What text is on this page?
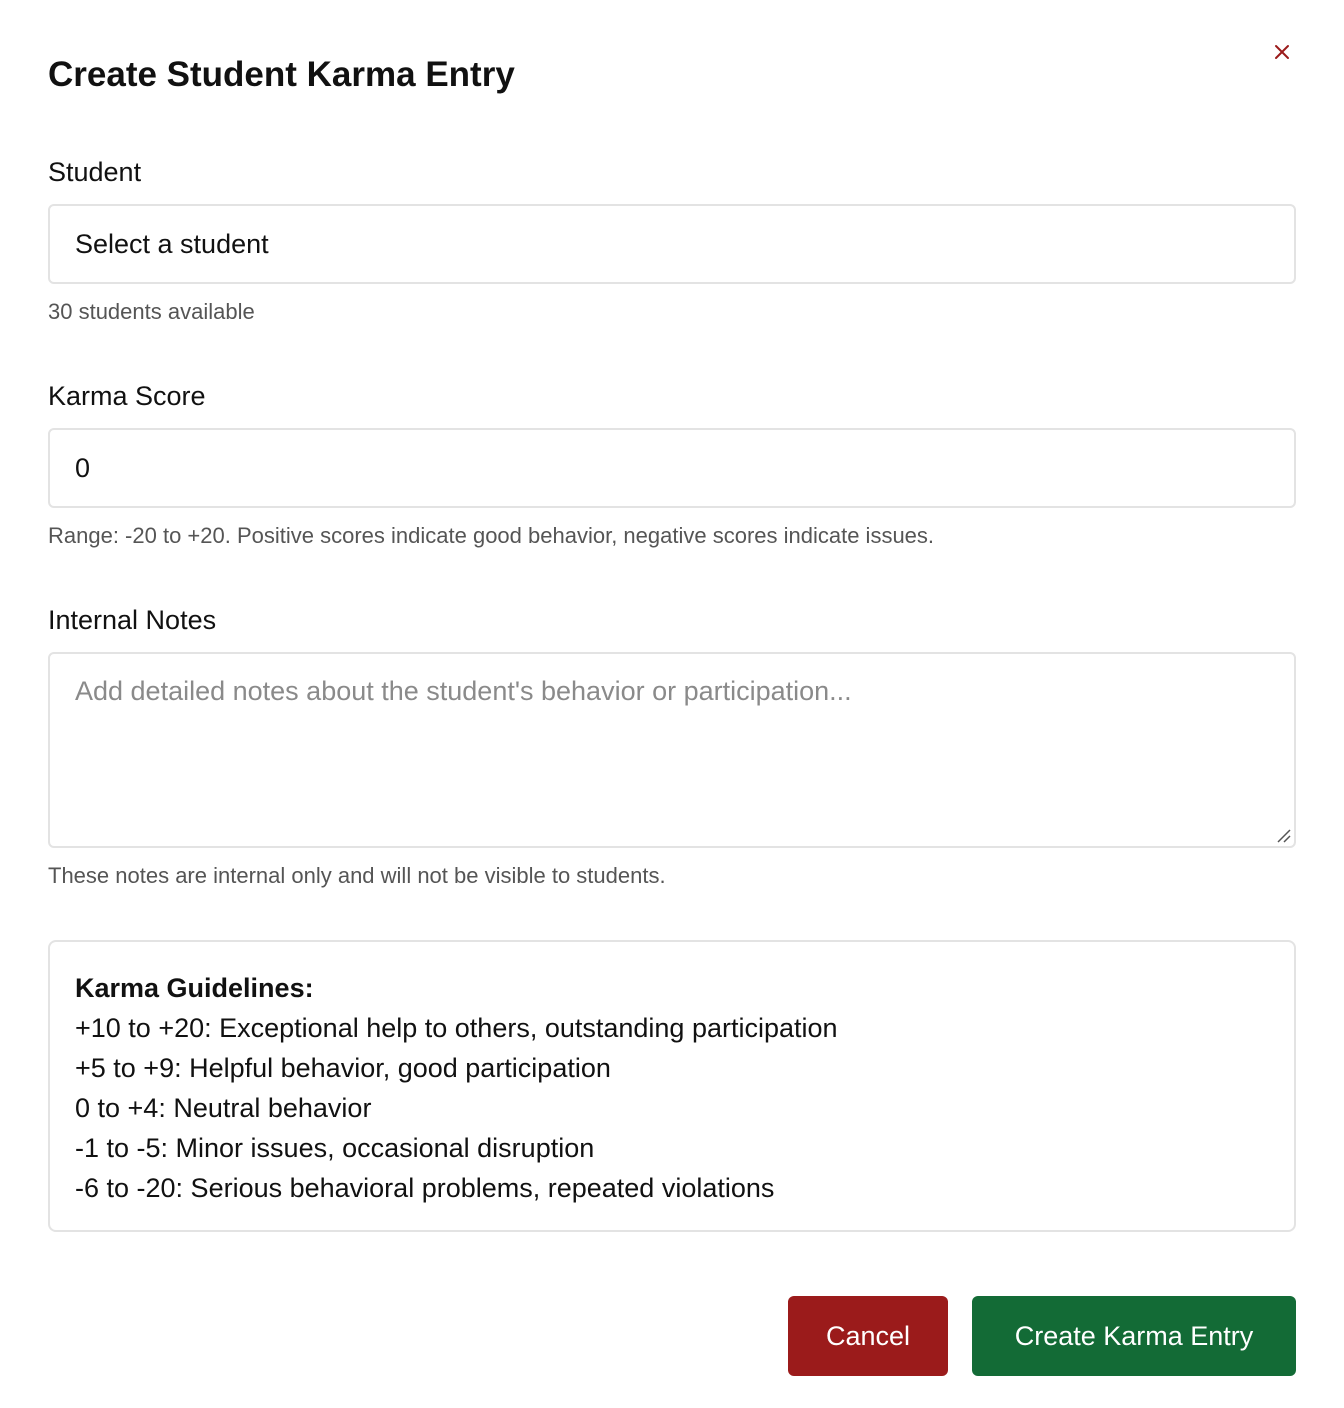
Create Student Karma Entry

Student

Select a student

30 students available

Karma Score

0

Range: -20 to +20. Positive scores indicate good behavior, negative scores indicate issues.

Internal Notes

Add detailed notes about the student's behavior or participation...

These notes are internal only and will not be visible to students.

Karma Guidelines:
+10 to +20: Exceptional help to others, outstanding participation
+5 to +9: Helpful behavior, good participation
0 to +4: Neutral behavior
-1 to -5: Minor issues, occasional disruption
-6 to -20: Serious behavioral problems, repeated violations
Cancel	Create Karma Entry
